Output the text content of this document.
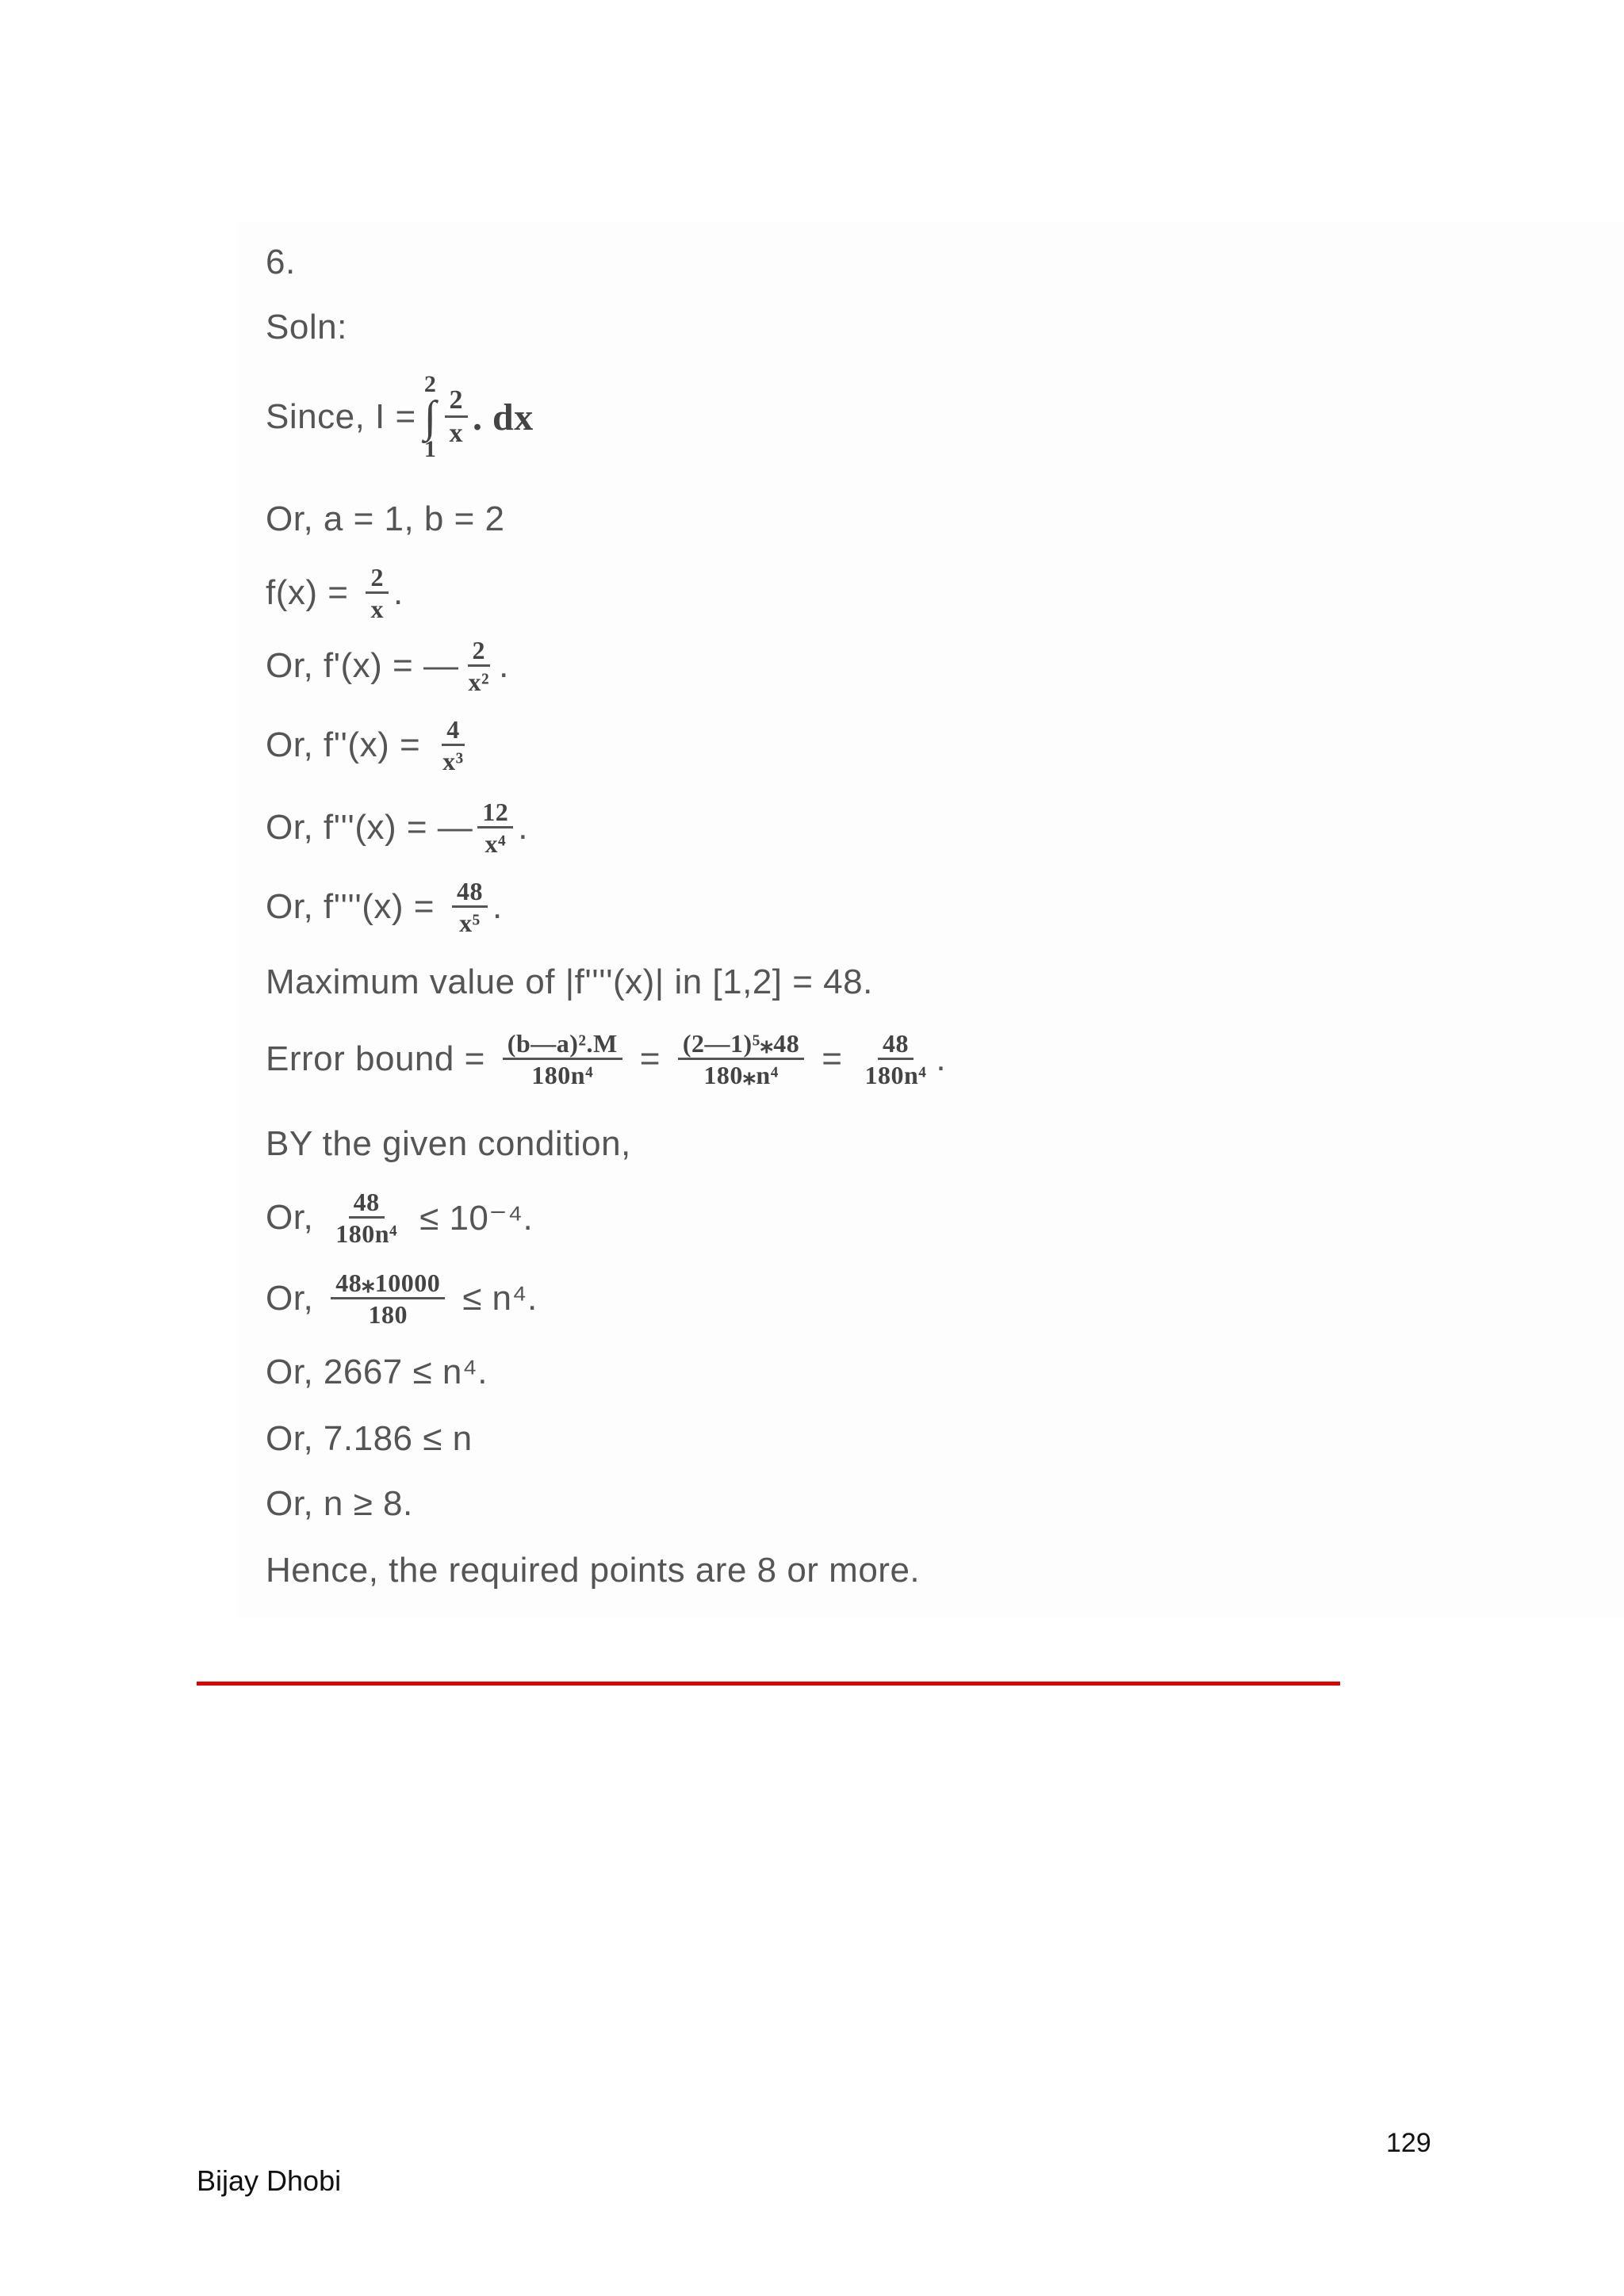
6.
Soln:
Since, I =
2
∫
1
$\frac{2}{x}$ . dx
Or, a = 1, b = 2
$f(x) = \frac{2}{x}$ .
Or, f'(x) = — $\frac{2}{\text{x²}}$ .
Or, $f''(x) = \frac{4}{\text{x³}}$
Or, f'''(x) = — $\frac{12}{\text{x⁴}}$ .
Or, $f''''(x) = \frac{48}{\text{x⁵}}$ .
Maximum value of |f''''(x)| in [1,2] = 48.
Error bound = $\frac{\text{(b—a)².M}}{\text{180n⁴}} = \frac{\text{(2—1)⁵⁎48}}{\text{180⁎n⁴}} = \frac{48}{\text{180n⁴}}$ .
BY the given condition,
Or, $\frac{48}{\text{180n⁴}} \le 10^{-4}$.
Or, $\frac{48⁎10000}{180} \le n^4$.
Or, 2667 ≤ n⁴.
Or, 7.186 ≤ n
Or, n ≥ 8.
Hence, the required points are 8 or more.
129
Bijay Dhobi
